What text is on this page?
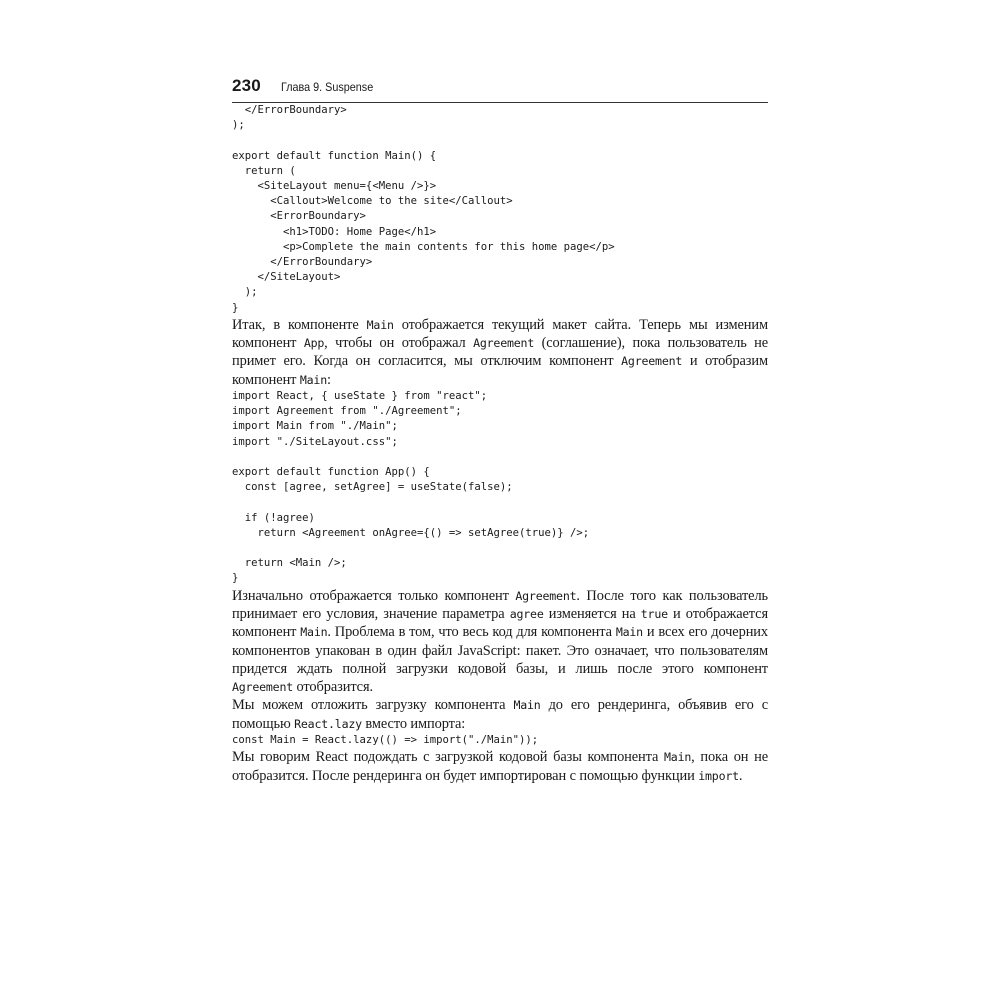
230 Глава 9. Suspense
</ErrorBoundary>
);

export default function Main() {
return (
<SiteLayout menu={<Menu />}>
<Callout>Welcome to the site</Callout>
<ErrorBoundary>
<h1>TODO: Home Page</h1>
<p>Complete the main contents for this home page</p>
</ErrorBoundary>
</SiteLayout>
);
}

Итак, в компоненте Main отображается текущий макет сайта. Теперь мы изменим компонент App, чтобы он отображал Agreement (соглашение), пока пользователь не примет его. Когда он согласится, мы отключим компонент Agreement и отобразим компонент Main:

import React, { useState } from "react";
import Agreement from "./Agreement";
import Main from "./Main";
import "./SiteLayout.css";

export default function App() {
const [agree, setAgree] = useState(false);

if (!agree)
return <Agreement onAgree={() => setAgree(true)} />;

return <Main />;
}

Изначально отображается только компонент Agreement. После того как пользователь принимает его условия, значение параметра agree изменяется на true и отображается компонент Main. Проблема в том, что весь код для компонента Main и всех его дочерних компонентов упакован в один файл JavaScript: пакет. Это означает, что пользователям придется ждать полной загрузки кодовой базы, и лишь после этого компонент Agreement отобразится.

Мы можем отложить загрузку компонента Main до его рендеринга, объявив его с помощью React.lazy вместо импорта:

const Main = React.lazy(() => import("./Main"));

Мы говорим React подождать с загрузкой кодовой базы компонента Main, пока он не отобразится. После рендеринга он будет импортирован с помощью функции import.
